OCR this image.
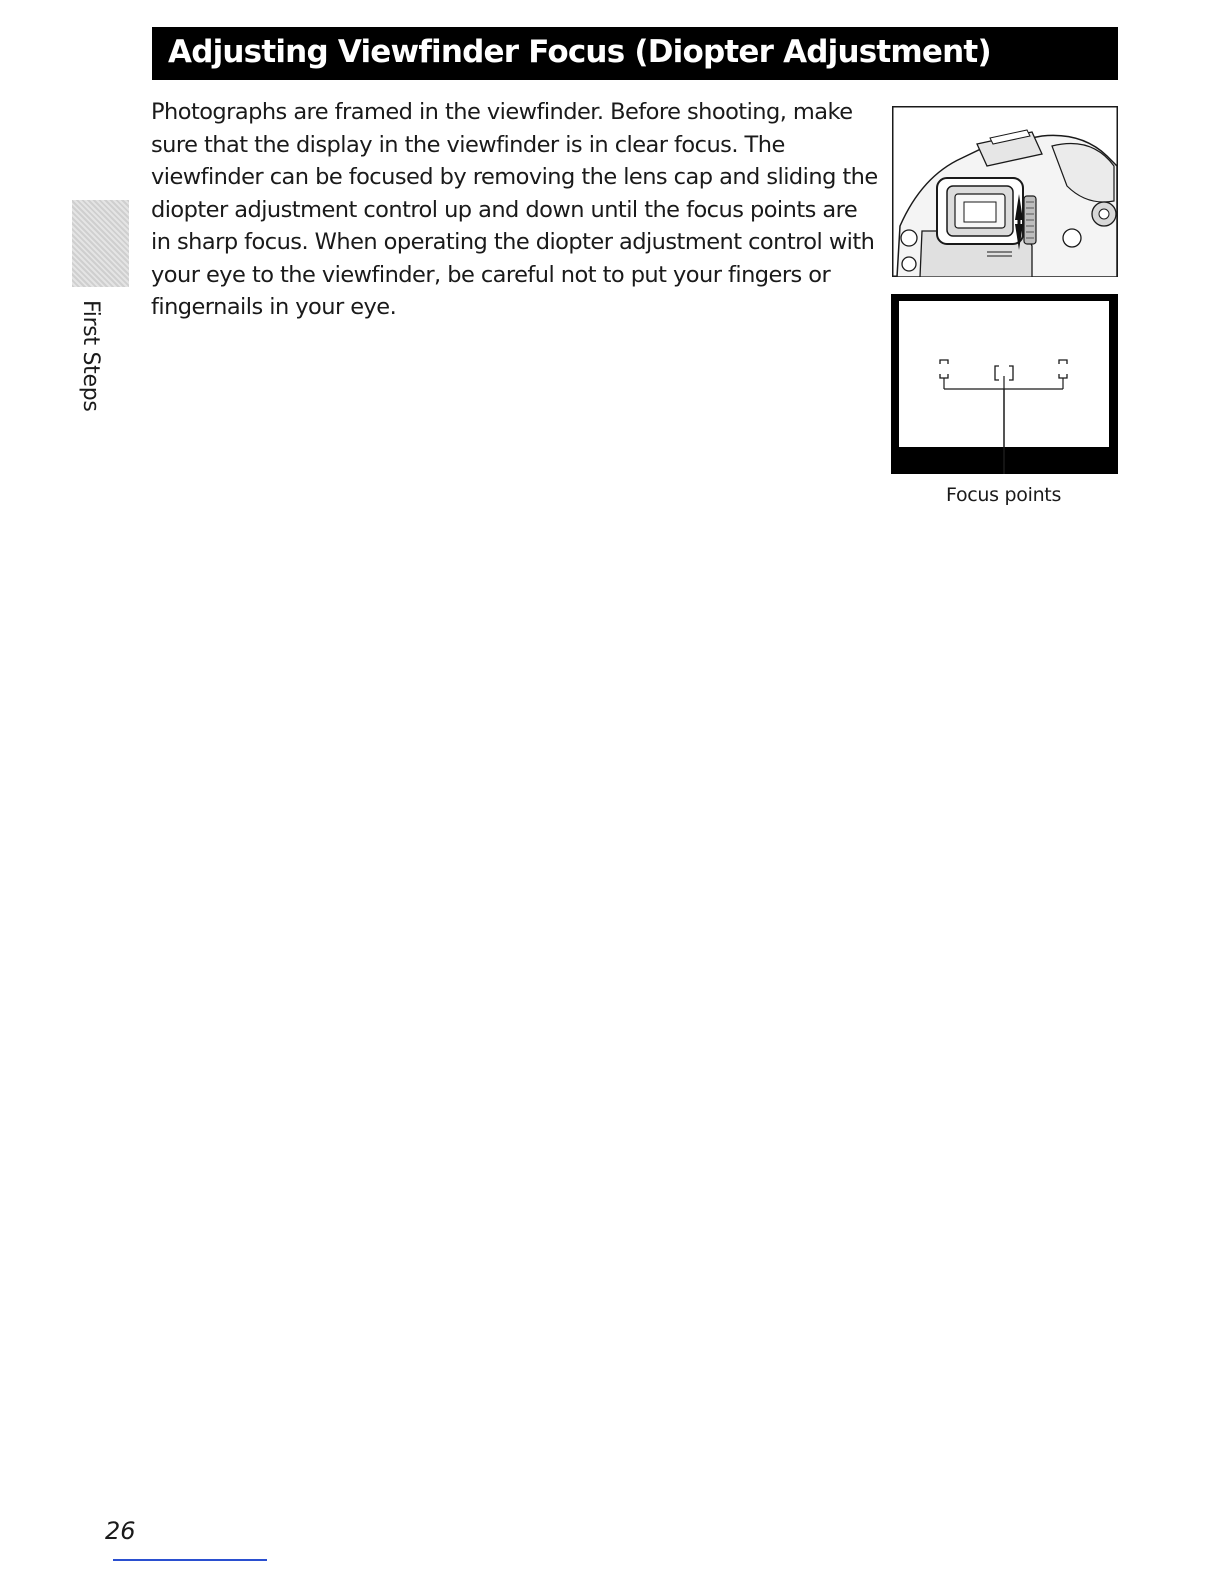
Adjusting Viewfinder Focus (Diopter Adjustment)
First Steps

Photographs are framed in the viewfinder. Before shooting, make sure that the display in the viewfinder is in clear focus. The viewfinder can be focused by removing the lens cap and sliding the diopter adjustment control up and down until the focus points are in sharp focus. When operating the diopter adjustment control with your eye to the viewfinder, be careful not to put your fingers or fingernails in your eye.

Focus points
26
